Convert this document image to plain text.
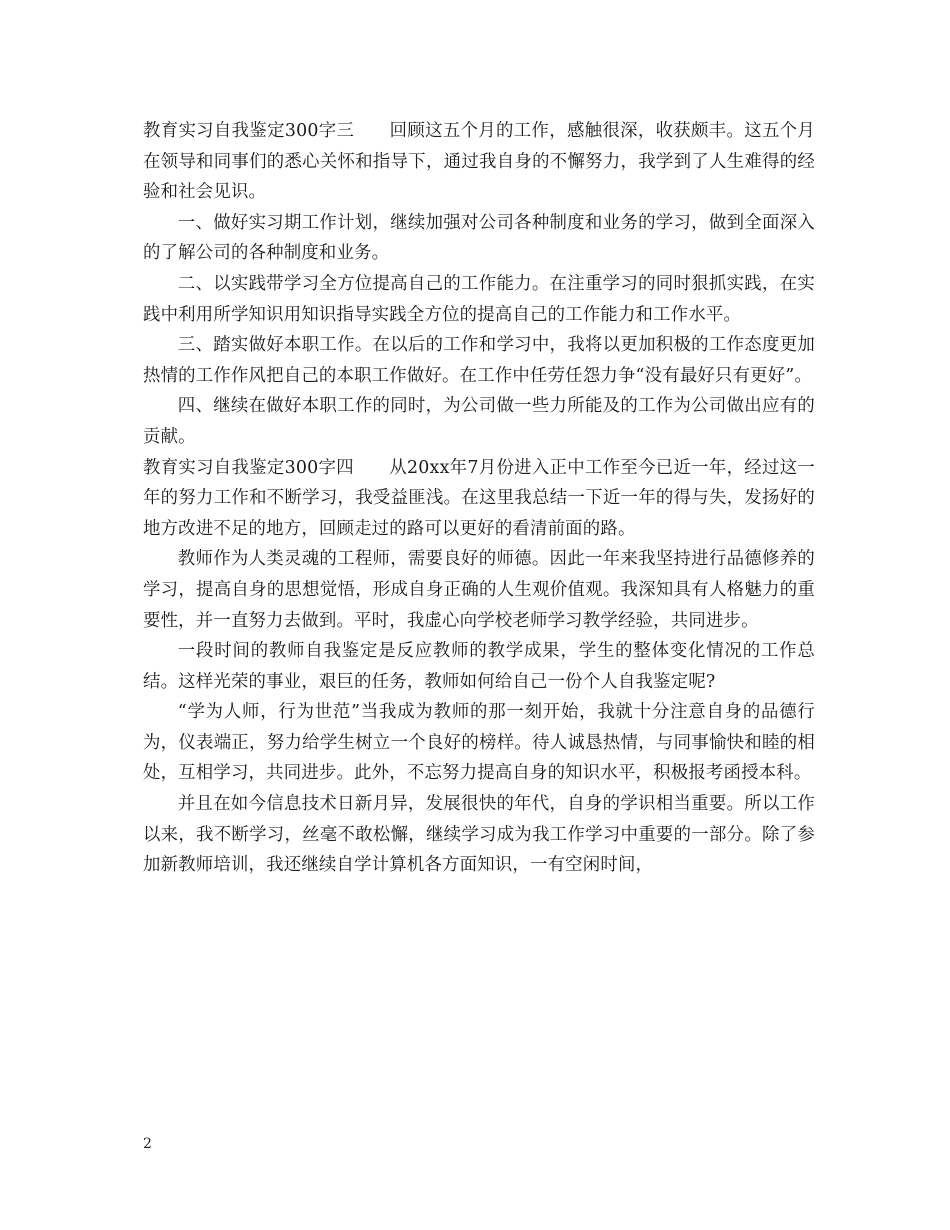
教育实习自我鉴定300字三　　回顾这五个月的工作，感触很深，收获颇丰。这五个月在领导和同事们的悉心关怀和指导下，通过我自身的不懈努力，我学到了人生难得的经验和社会见识。

一、做好实习期工作计划，继续加强对公司各种制度和业务的学习，做到全面深入的了解公司的各种制度和业务。

二、以实践带学习全方位提高自己的工作能力。在注重学习的同时狠抓实践，在实践中利用所学知识用知识指导实践全方位的提高自己的工作能力和工作水平。

三、踏实做好本职工作。在以后的工作和学习中，我将以更加积极的工作态度更加热情的工作作风把自己的本职工作做好。在工作中任劳任怨力争“没有最好只有更好”。

四、继续在做好本职工作的同时，为公司做一些力所能及的工作为公司做出应有的贡献。

教育实习自我鉴定300字四　　从20xx年7月份进入正中工作至今已近一年，经过这一年的努力工作和不断学习，我受益匪浅。在这里我总结一下近一年的得与失，发扬好的地方改进不足的地方，回顾走过的路可以更好的看清前面的路。

教师作为人类灵魂的工程师，需要良好的师德。因此一年来我坚持进行品德修养的学习，提高自身的思想觉悟，形成自身正确的人生观价值观。我深知具有人格魅力的重要性，并一直努力去做到。平时，我虚心向学校老师学习教学经验，共同进步。

一段时间的教师自我鉴定是反应教师的教学成果，学生的整体变化情况的工作总结。这样光荣的事业，艰巨的任务，教师如何给自己一份个人自我鉴定呢?

“学为人师，行为世范”当我成为教师的那一刻开始，我就十分注意自身的品德行为，仪表端正，努力给学生树立一个良好的榜样。待人诚恳热情，与同事愉快和睦的相处，互相学习，共同进步。此外，不忘努力提高自身的知识水平，积极报考函授本科。

并且在如今信息技术日新月异，发展很快的年代，自身的学识相当重要。所以工作以来，我不断学习，丝毫不敢松懈，继续学习成为我工作学习中重要的一部分。除了参加新教师培训，我还继续自学计算机各方面知识，一有空闲时间，

2
